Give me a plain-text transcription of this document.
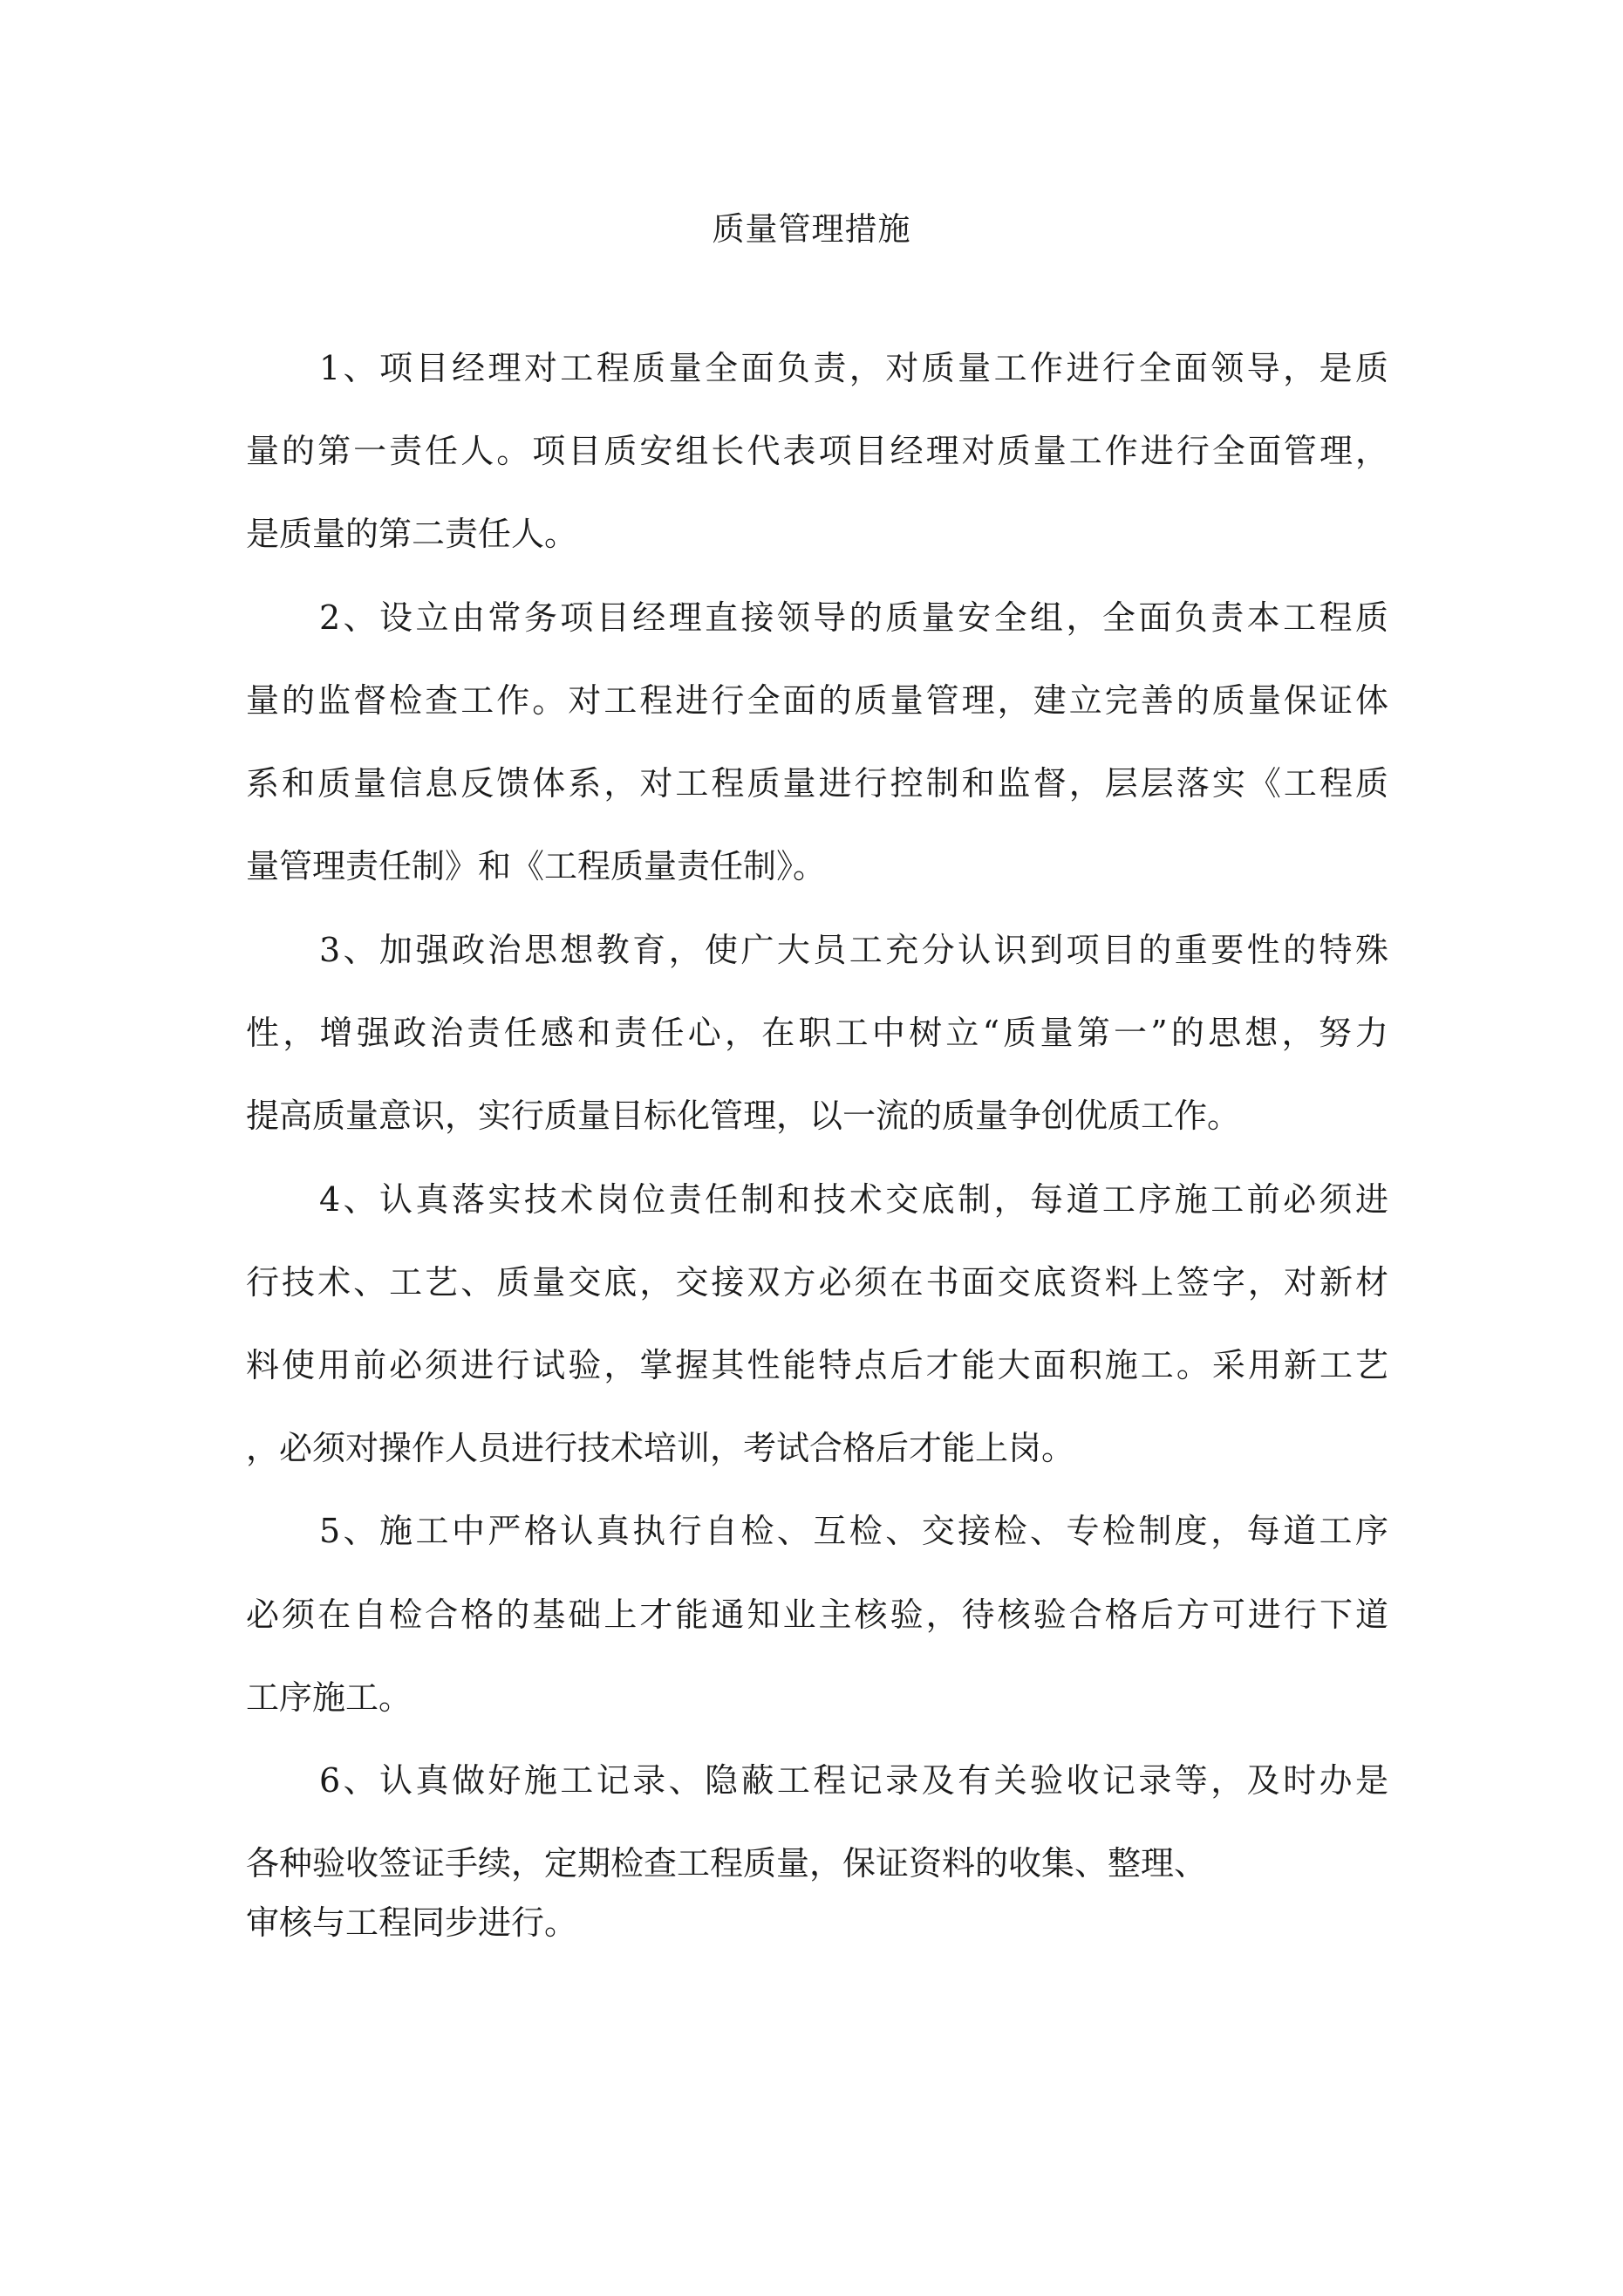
质量管理措施

1、项目经理对工程质量全面负责，对质量工作进行全面领导，是质

量的第一责任人。项目质安组长代表项目经理对质量工作进行全面管理，

是质量的第二责任人。

2、设立由常务项目经理直接领导的质量安全组，全面负责本工程质

量的监督检查工作。对工程进行全面的质量管理，建立完善的质量保证体

系和质量信息反馈体系，对工程质量进行控制和监督，层层落实《工程质

量管理责任制》和《工程质量责任制》。

3、加强政治思想教育，使广大员工充分认识到项目的重要性的特殊

性，增强政治责任感和责任心，在职工中树立“质量第一”的思想，努力

提高质量意识，实行质量目标化管理，以一流的质量争创优质工作。

4、认真落实技术岗位责任制和技术交底制，每道工序施工前必须进

行技术、工艺、质量交底，交接双方必须在书面交底资料上签字，对新材

料使用前必须进行试验，掌握其性能特点后才能大面积施工。采用新工艺

，必须对操作人员进行技术培训，考试合格后才能上岗。

5、施工中严格认真执行自检、互检、交接检、专检制度，每道工序

必须在自检合格的基础上才能通知业主核验，待核验合格后方可进行下道

工序施工。

6、认真做好施工记录、隐蔽工程记录及有关验收记录等，及时办是

各种验收签证手续，定期检查工程质量，保证资料的收集、整理、

审核与工程同步进行。
